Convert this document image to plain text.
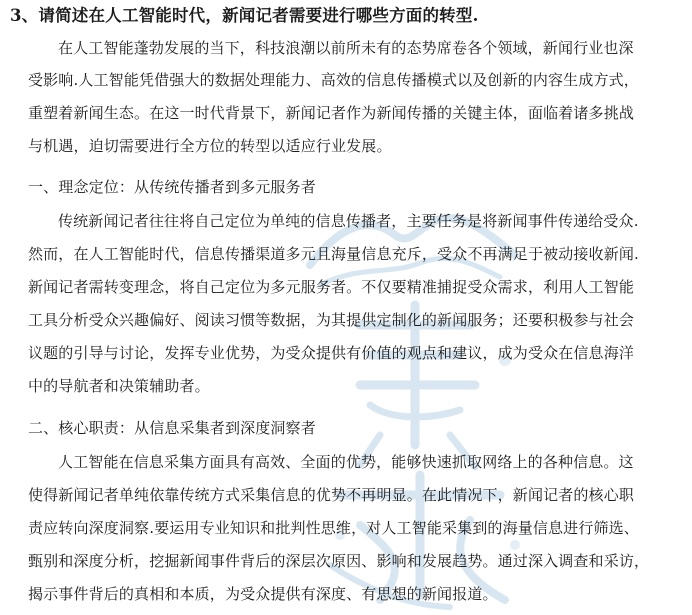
3、请简述在人工智能时代，新闻记者需要进行哪些方面的转型.
在人工智能蓬勃发展的当下，科技浪潮以前所未有的态势席卷各个领域，新闻行业也深
受影响.人工智能凭借强大的数据处理能力、高效的信息传播模式以及创新的内容生成方式，
重塑着新闻生态。在这一时代背景下，新闻记者作为新闻传播的关键主体，面临着诸多挑战
与机遇，迫切需要进行全方位的转型以适应行业发展。
一、理念定位：从传统传播者到多元服务者
传统新闻记者往往将自己定位为单纯的信息传播者，主要任务是将新闻事件传递给受众.
然而，在人工智能时代，信息传播渠道多元且海量信息充斥，受众不再满足于被动接收新闻.
新闻记者需转变理念，将自己定位为多元服务者。不仅要精准捕捉受众需求，利用人工智能
工具分析受众兴趣偏好、阅读习惯等数据，为其提供定制化的新闻服务；还要积极参与社会
议题的引导与讨论，发挥专业优势，为受众提供有价值的观点和建议，成为受众在信息海洋
中的导航者和决策辅助者。
二、核心职责：从信息采集者到深度洞察者
人工智能在信息采集方面具有高效、全面的优势，能够快速抓取网络上的各种信息。这
使得新闻记者单纯依靠传统方式采集信息的优势不再明显。在此情况下，新闻记者的核心职
责应转向深度洞察.要运用专业知识和批判性思维，对人工智能采集到的海量信息进行筛选、
甄别和深度分析，挖掘新闻事件背后的深层次原因、影响和发展趋势。通过深入调查和采访，
揭示事件背后的真相和本质，为受众提供有深度、有思想的新闻报道。
